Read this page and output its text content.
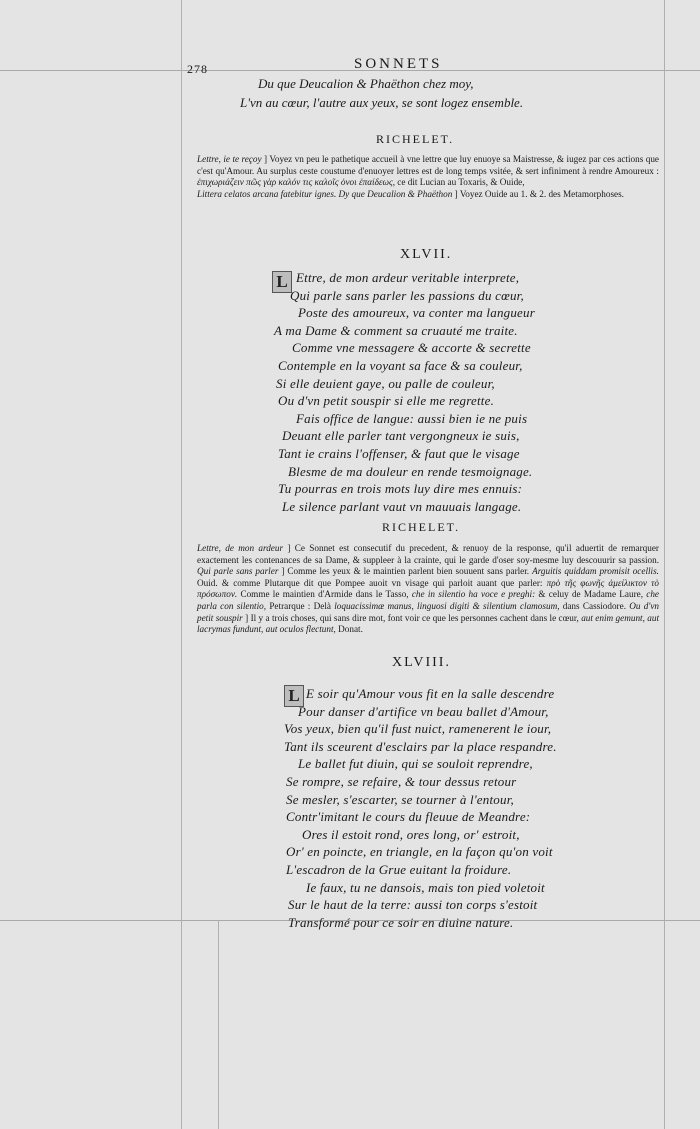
278	SONNETS
Du que Deucalion & Phaëthon chez moy,
L'vn au cœur, l'autre aux yeux, se sont logez ensemble.
RICHELET.

Lettre, ie te reçoy ] Voyez vn peu le pathetique accueil à vne lettre que luy enuoye sa Maistresse, & iugez par ces actions que c'est qu'Amour. Au surplus ceste coustume d'enuoyer lettres est de long temps vsitée, & sert infiniment à rendre Amoureux : ἐπιχωριάζειν πῶς γὰρ καλόν τις καλοῖς ὁνοι ἐπαίδεως, ce dit Lucian au Toxaris, & Ouide,

Littera celatos arcana fatebitur ignes. Dy que Deucalion & Phaëthon ] Voyez Ouide au 1. & 2. des Metamorphoses.

XLVII.
L Ettre, de mon ardeur veritable interprete,
Qui parle sans parler les passions du cœur,
Poste des amoureux, va conter ma langueur
A ma Dame & comment sa cruauté me traite.
Comme vne messagere & accorte & secrette
Contemple en la voyant sa face & sa couleur,
Si elle deuient gaye, ou palle de couleur,
Ou d'vn petit souspir si elle me regrette.
Fais office de langue: aussi bien ie ne puis
Deuant elle parler tant vergongneux ie suis,
Tant ie crains l'offenser, & faut que le visage
Blesme de ma douleur en rende tesmoignage.
Tu pourras en trois mots luy dire mes ennuis:
Le silence parlant vaut vn mauuais langage.
RICHELET.

Lettre, de mon ardeur ] Ce Sonnet est consecutif du precedent, & renuoy de la response, qu'il aduertit de remarquer exactement les contenances de sa Dame, & suppleer à la crainte, qui le garde d'oser soy-mesme luy descouurir sa passion. Qui parle sans parler ] Comme les yeux & le maintien parlent bien souuent sans parler. Arguitis quiddam promisit ocellis. Ouid. & comme Plutarque dit que Pompee auoit vn visage qui parloit auant que parler: πρὸ τῆς φωνῆς ἀμείλικτον τὸ πρόσωπον. Comme le maintien d'Armide dans le Tasso, che in silentio ha voce e preghi: & celuy de Madame Laure, che parla con silentio, Petrarque : Delà loquacissimæ manus, linguosi digiti & silentium clamosum, dans Cassiodore. Ou d'vn petit souspir ] Il y a trois choses, qui sans dire mot, font voir ce que les personnes cachent dans le cœur, aut enim gemunt, aut lacrymas fundunt, aut oculos flectunt, Donat.

XLVIII.
L E soir qu'Amour vous fit en la salle descendre
Pour danser d'artifice vn beau ballet d'Amour,
Vos yeux, bien qu'il fust nuict, ramenerent le iour,
Tant ils sceurent d'esclairs par la place respandre.
Le ballet fut diuin, qui se souloit reprendre,
Se rompre, se refaire, & tour dessus retour
Se mesler, s'escarter, se tourner à l'entour,
Contr'imitant le cours du fleuue de Meandre:
Ores il estoit rond, ores long, or' estroit,
Or' en poincte, en triangle, en la façon qu'on voit
L'escadron de la Grue euitant la froidure.
Ie faux, tu ne dansois, mais ton pied voletoit
Sur le haut de la terre: aussi ton corps s'estoit
Transformé pour ce soir en diuine nature.
